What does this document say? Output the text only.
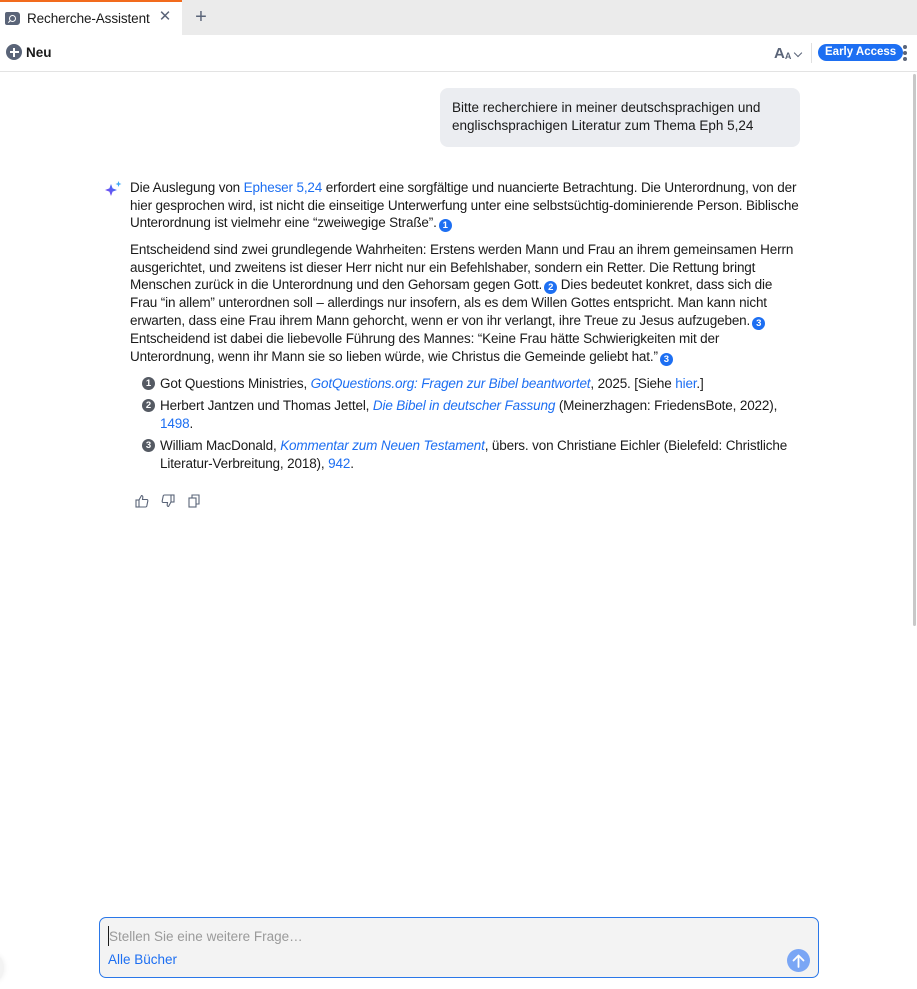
Recherche-Assistent ✕ +
Neu	A A	Early Access
Bitte recherchiere in meiner deutschsprachigen und englischsprachigen Literatur zum Thema Eph 5,24

Die Auslegung von Epheser 5,24 erfordert eine sorgfältige und nuancierte Betrachtung. Die Unterordnung, von der hier gesprochen wird, ist nicht die einseitige Unterwerfung unter eine selbstsüchtig-dominierende Person. Biblische Unterordnung ist vielmehr eine “zweiwegige Straße”. 1

Entscheidend sind zwei grundlegende Wahrheiten: Erstens werden Mann und Frau an ihrem gemeinsamen Herrn ausgerichtet, und zweitens ist dieser Herr nicht nur ein Befehlshaber, sondern ein Retter. Die Rettung bringt Menschen zurück in die Unterordnung und den Gehorsam gegen Gott. 2 Dies bedeutet konkret, dass sich die Frau “in allem” unterordnen soll – allerdings nur insofern, als es dem Willen Gottes entspricht. Man kann nicht erwarten, dass eine Frau ihrem Mann gehorcht, wenn er von ihr verlangt, ihre Treue zu Jesus aufzugeben. 3 Entscheidend ist dabei die liebevolle Führung des Mannes: “Keine Frau hätte Schwierigkeiten mit der Unterordnung, wenn ihr Mann sie so lieben würde, wie Christus die Gemeinde geliebt hat.” 3

1 Got Questions Ministries, GotQuestions.org: Fragen zur Bibel beantwortet, 2025. [Siehe hier.]
2 Herbert Jantzen und Thomas Jettel, Die Bibel in deutscher Fassung (Meinerzhagen: FriedensBote, 2022), 1498.
3 William MacDonald, Kommentar zum Neuen Testament, übers. von Christiane Eichler (Bielefeld: Christliche Literatur-Verbreitung, 2018), 942.
Stellen Sie eine weitere Frage…
Alle Bücher
